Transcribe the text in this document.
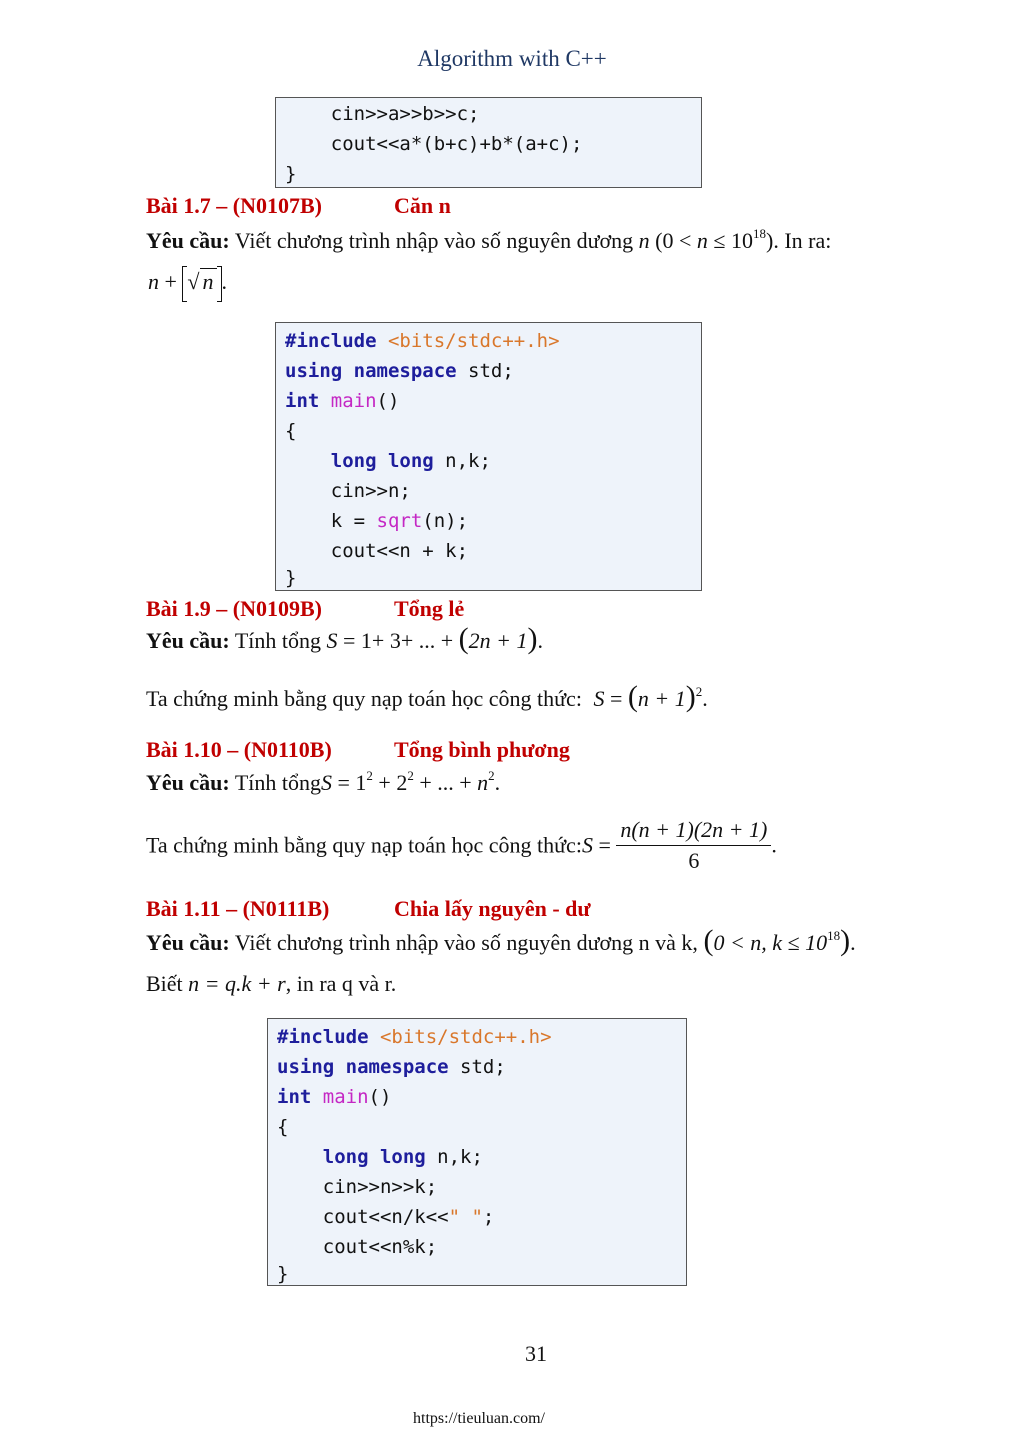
Algorithm with C++
cin>>a>>b>>c;
cout<<a*(b+c)+b*(a+c);
}
Bài 1.7 – (N0107B)	Căn n
Yêu cầu: Viết chương trình nhập vào số nguyên dương n $(0 < n \le 10^{18})$. In ra:
n + √ n .
#include <bits/stdc++.h>
using namespace std;
int main()
{
long long n,k;
cin>>n;
k = sqrt(n);
cout<<n + k;
}
Bài 1.9 – (N0109B)	Tổng lẻ
Yêu cầu: Tính tổng S = 1+ 3+ ... + (2n + 1).
Ta chứng minh bằng quy nạp toán học công thức: $S = (n + 1)^2$.
Bài 1.10 – (N0110B)	Tổng bình phương
Yêu cầu: Tính tổngS = $1^2 + 2^2$ + ... + $n^2$.
Ta chứng minh bằng quy nạp toán học công thức:S = $\frac{n(n + 1)(2n + 1)}{6}$ .
Bài 1.11 – (N0111B)	Chia lấy nguyên - dư
Yêu cầu: Viết chương trình nhập vào số nguyên dương n và k, (0 < n, $k \le 10^{18}$).
Biết n = q.k + r, in ra q và r.
#include <bits/stdc++.h>
using namespace std;
int main()
{
long long n,k;
cin>>n>>k;
cout<<n/k<<" ";
cout<<n%k;
}
31
https://tieuluan.com/
